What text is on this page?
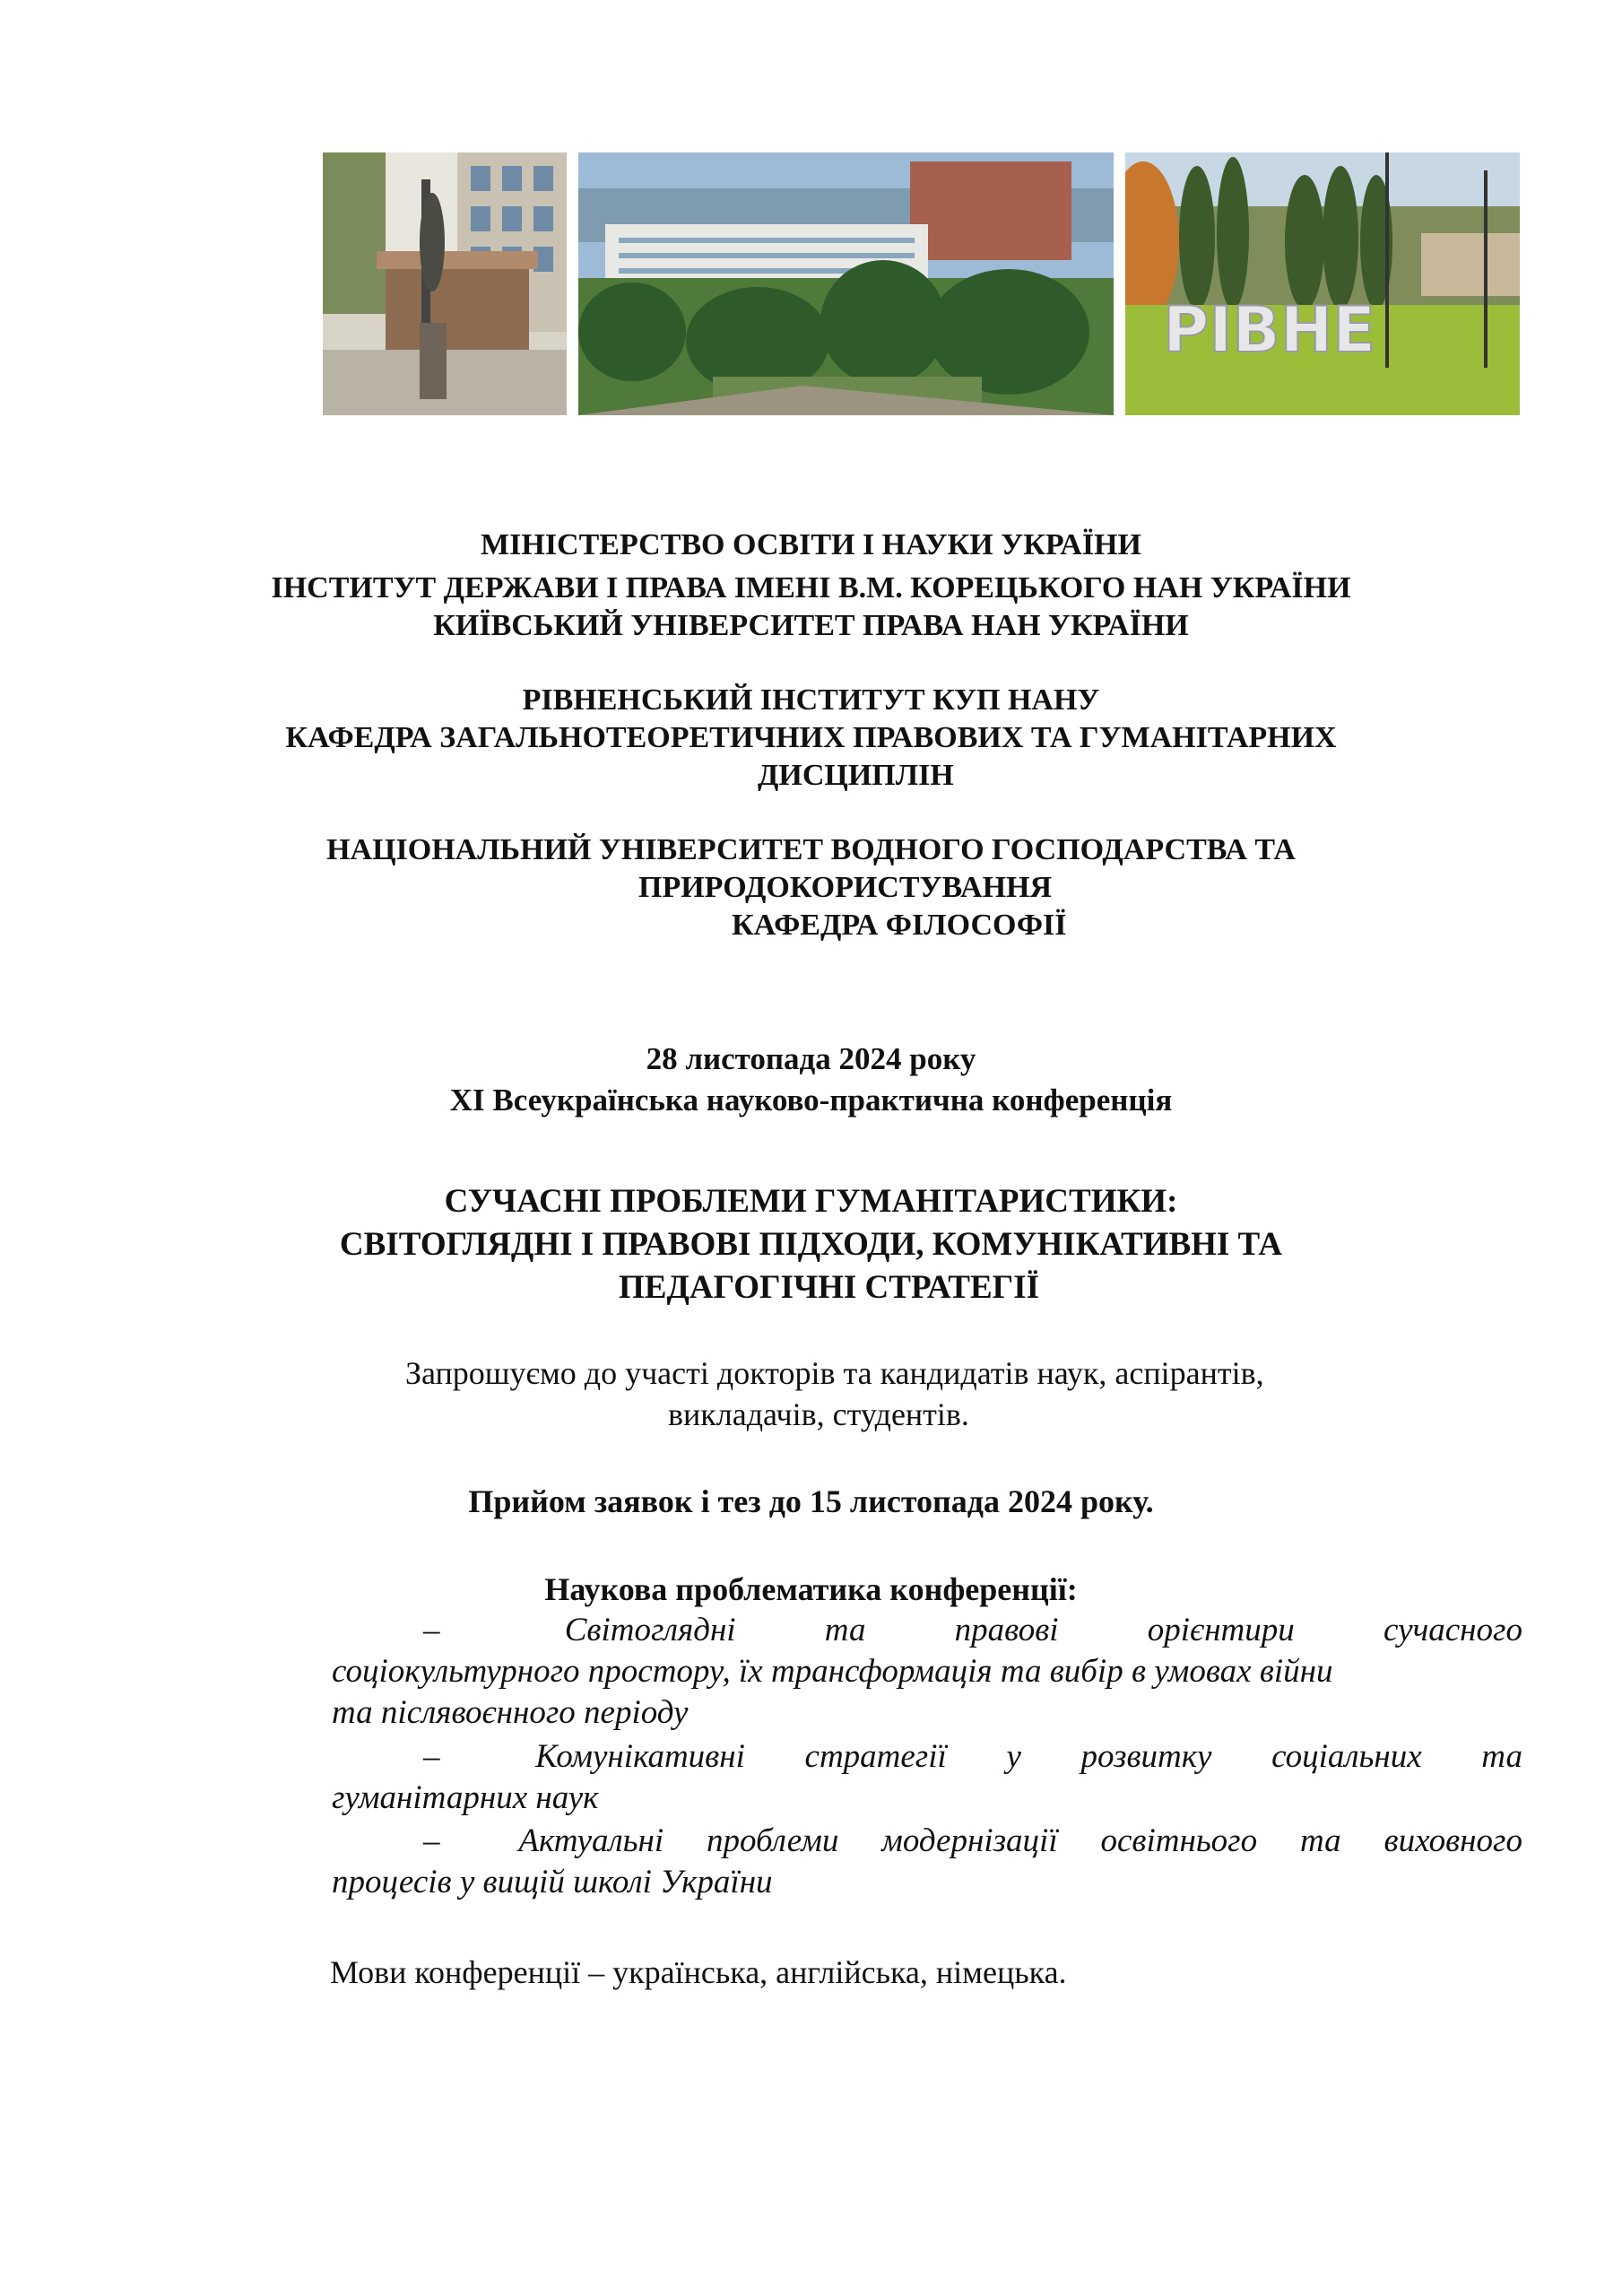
РІВНЕ
МІНІСТЕРСТВО ОСВІТИ І НАУКИ УКРАЇНИ
ІНСТИТУТ ДЕРЖАВИ І ПРАВА ІМЕНІ В.М. КОРЕЦЬКОГО НАН УКРАЇНИ
КИЇВСЬКИЙ УНІВЕРСИТЕТ ПРАВА НАН УКРАЇНИ
РІВНЕНСЬКИЙ ІНСТИТУТ КУП НАНУ
КАФЕДРА ЗАГАЛЬНОТЕОРЕТИЧНИХ ПРАВОВИХ ТА ГУМАНІТАРНИХ
ДИСЦИПЛІН
НАЦІОНАЛЬНИЙ УНІВЕРСИТЕТ ВОДНОГО ГОСПОДАРСТВА ТА
ПРИРОДОКОРИСТУВАННЯ
КАФЕДРА ФІЛОСОФІЇ
28 листопада 2024 року
ХІ Всеукраїнська науково-практична конференція
СУЧАСНІ ПРОБЛЕМИ ГУМАНІТАРИСТИКИ:
СВІТОГЛЯДНІ І ПРАВОВІ ПІДХОДИ, КОМУНІКАТИВНІ ТА
ПЕДАГОГІЧНІ СТРАТЕГІЇ
Запрошуємо до участі докторів та кандидатів наук, аспірантів,
викладачів, студентів.
Прийом заявок і тез до 15 листопада 2024 року.
Наукова проблематика конференції:
–	Світоглядні	та	правові	орієнтири	сучасного
соціокультурного простору, їх трансформація та вибір в умовах війни
та післявоєнного періоду
–	Комунікативні стратегії у розвитку соціальних та
гуманітарних наук
–	Актуальні проблеми модернізації освітнього та виховного
процесів у вищій школі України
Мови конференції – українська, англійська, німецька.
